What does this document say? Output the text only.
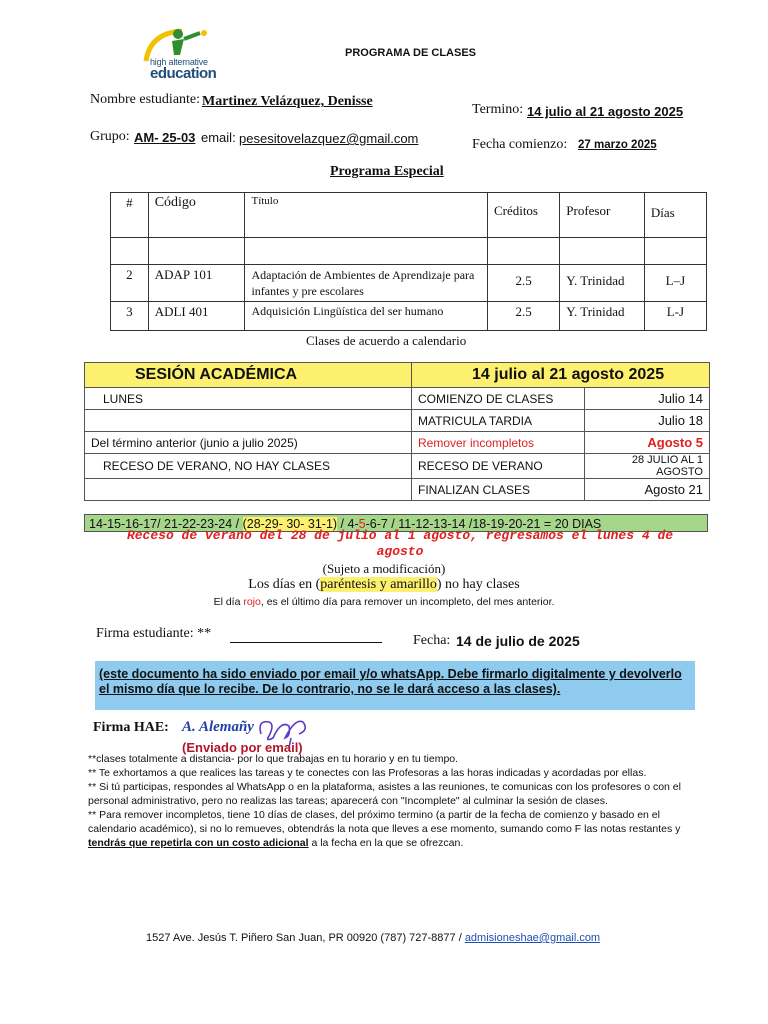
high alternative
education
PROGRAMA DE CLASES
Nombre estudiante: Martinez Velázquez, Denisse
Termino: 14 julio al 21 agosto 2025
Grupo: AM- 25-03 email: pesesitovelazquez@gmail.com	Fecha comienzo: 27 marzo 2025
Programa Especial
#	Código	Título	Créditos	Profesor	Días

2	ADAP 101	Adaptación de Ambientes de Aprendizaje para infantes y pre escolares	2.5	Y. Trinidad	L–J
3	ADLI 401	Adquisición Lingüística del ser humano	2.5	Y. Trinidad	L-J
Clases de acuerdo a calendario
SESIÓN ACADÉMICA	14 julio al 21 agosto 2025	
LUNES	COMIENZO DE CLASES	Julio 14
	MATRICULA TARDIA	Julio 18
Del término anterior (junio a julio 2025)	Remover incompletos	Agosto 5
RECESO DE VERANO, NO HAY CLASES	RECESO DE VERANO	28 JULIO AL 1 AGOSTO
	FINALIZAN CLASES	Agosto 21
14-15-16-17/ 21-22-23-24 / (28-29- 30- 31-1) / 4-5-6-7 / 11-12-13-14 /18-19-20-21 = 20 DIAS
Receso de verano del 28 de julio al 1 agosto, regresamos el lunes 4 de agosto
(Sujeto a modificación)
Los días en (paréntesis y amarillo) no hay clases
El día rojo, es el último día para remover un incompleto, del mes anterior.
Firma estudiante: **	Fecha: 14 de julio de 2025
(este documento ha sido enviado por email y/o whatsApp. Debe firmarlo digitalmente y devolverlo el mismo día que lo recibe. De lo contrario, no se le dará acceso a las clases).
Firma HAE: A. Alemañy
(Enviado por email)

**clases totalmente a distancia- por lo que trabajas en tu horario y en tu tiempo.

** Te exhortamos a que realices las tareas y te conectes con las Profesoras a las horas indicadas y acordadas por ellas.

** Si tú participas, respondes al WhatsApp o en la plataforma, asistes a las reuniones, te comunicas con los profesores o con el personal administrativo, pero no realizas las tareas; aparecerá con "Incomplete" al culminar la sesión de clases.

** Para remover incompletos, tiene 10 días de clases, del próximo termino (a partir de la fecha de comienzo y basado en el calendario académico), si no lo remueves, obtendrás la nota que lleves a ese momento, sumando como F las notas restantes y tendrás que repetirla con un costo adicional a la fecha en la que se ofrezcan.

1527 Ave. Jesús T. Piñero San Juan, PR 00920 (787) 727-8877 / admisioneshae@gmail.com
